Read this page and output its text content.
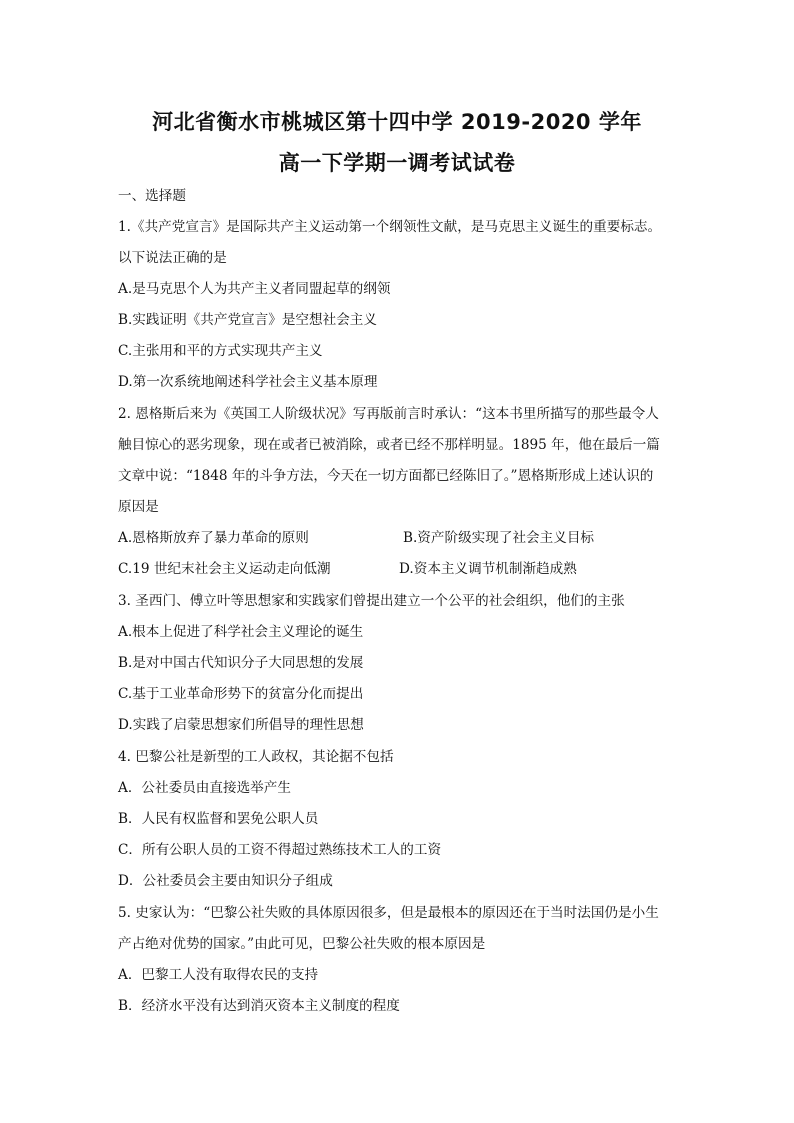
河北省衡水市桃城区第十四中学 2019-2020 学年
高一下学期一调考试试卷
一、选择题
1.《共产党宣言》是国际共产主义运动第一个纲领性文献，是马克思主义诞生的重要标志。
以下说法正确的是
A.是马克思个人为共产主义者同盟起草的纲领
B.实践证明《共产党宣言》是空想社会主义
C.主张用和平的方式实现共产主义
D.第一次系统地阐述科学社会主义基本原理
2. 恩格斯后来为《英国工人阶级状况》写再版前言时承认：“这本书里所描写的那些最令人
触目惊心的恶劣现象，现在或者已被消除，或者已经不那样明显。1895 年，他在最后一篇
文章中说：“1848 年的斗争方法，今天在一切方面都已经陈旧了。”恩格斯形成上述认识的
原因是
A.恩格斯放弃了暴力革命的原则	B.资产阶级实现了社会主义目标
C.19 世纪末社会主义运动走向低潮	D.资本主义调节机制渐趋成熟
3. 圣西门、傅立叶等思想家和实践家们曾提出建立一个公平的社会组织，他们的主张
A.根本上促进了科学社会主义理论的诞生
B.是对中国古代知识分子大同思想的发展
C.基于工业革命形势下的贫富分化而提出
D.实践了启蒙思想家们所倡导的理性思想
4. 巴黎公社是新型的工人政权，其论据不包括
A．公社委员由直接选举产生
B．人民有权监督和罢免公职人员
C．所有公职人员的工资不得超过熟练技术工人的工资
D．公社委员会主要由知识分子组成
5. 史家认为：“巴黎公社失败的具体原因很多，但是最根本的原因还在于当时法国仍是小生
产占绝对优势的国家。”由此可见，巴黎公社失败的根本原因是
A．巴黎工人没有取得农民的支持
B．经济水平没有达到消灭资本主义制度的程度
